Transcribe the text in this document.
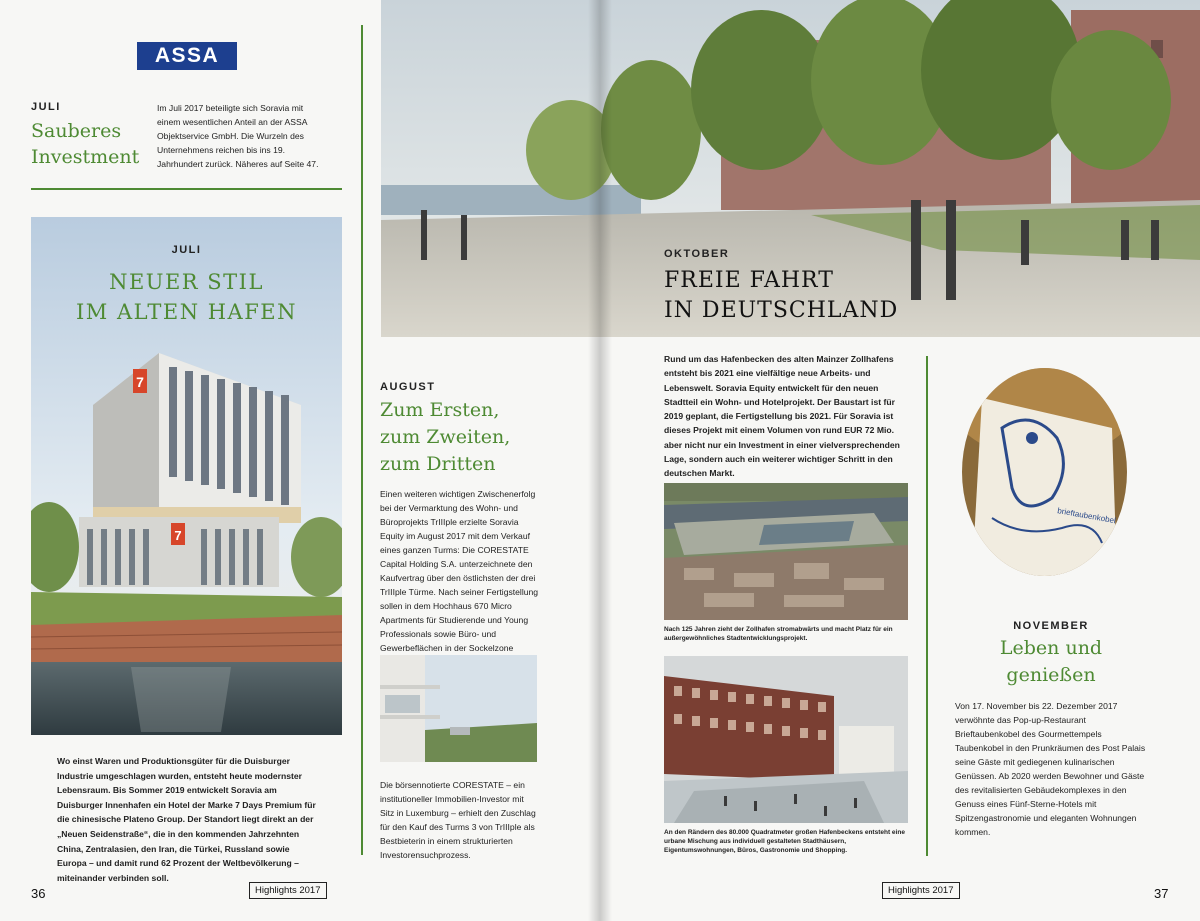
ASSA
JULI
Sauberes
Investment
Im Juli 2017 beteiligte sich Soravia mit einem wesentlichen Anteil an der ASSA Objektservice GmbH. Die Wurzeln des Unternehmens reichen bis ins 19. Jahrhundert zurück. Näheres auf Seite 47.
7
7
JULI
NEUER STIL
IM ALTEN HAFEN
Wo einst Waren und Produktionsgüter für die Duisburger Industrie umgeschlagen wurden, entsteht heute modernster Lebensraum. Bis Sommer 2019 entwickelt Soravia am Duisburger Innenhafen ein Hotel der Marke 7 Days Premium für die chinesische Plateno Group. Der Standort liegt direkt an der „Neuen Seidenstraße“, die in den kommenden Jahrzehnten China, Zentralasien, den Iran, die Türkei, Russland sowie Europa – und damit rund 62 Prozent der Weltbevölkerung – miteinander verbinden soll.
36	Highlights 2017
OKTOBER
FREIE FAHRT
IN DEUTSCHLAND
AUGUST
Zum Ersten,
zum Zweiten,
zum Dritten
Einen weiteren wichtigen Zwischenerfolg bei der Vermarktung des Wohn- und Büroprojekts TrIIIple erzielte Soravia Equity im August 2017 mit dem Verkauf eines ganzen Turms: Die CORESTATE Capital Holding S.A. unterzeichnete den Kaufvertrag über den östlichsten der drei TrIIIple Türme. Nach seiner Fertigstellung sollen in dem Hochhaus 670 Micro Apartments für Studierende und Young Professionals sowie Büro- und Gewerbeflächen in der Sockelzone
Die börsennotierte CORESTATE – ein institutioneller Immobilien-Investor mit Sitz in Luxemburg – erhielt den Zuschlag für den Kauf des Turms 3 von TrIIIple als Bestbieterin in einem strukturierten Investorensuchprozess.
Rund um das Hafenbecken des alten Mainzer Zollhafens entsteht bis 2021 eine vielfältige neue Arbeits- und Lebenswelt. Soravia Equity entwickelt für den neuen Stadtteil ein Wohn- und Hotelprojekt. Der Baustart ist für 2019 geplant, die Fertigstellung bis 2021. Für Soravia ist dieses Projekt mit einem Volumen von rund EUR 72 Mio. aber nicht nur ein Investment in einer vielversprechenden Lage, sondern auch ein weiterer wichtiger Schritt in den deutschen Markt.
Nach 125 Jahren zieht der Zollhafen stromabwärts und macht Platz für ein außergewöhnliches Stadtentwicklungsprojekt.
An den Rändern des 80.000 Quadratmeter großen Hafenbeckens entsteht eine urbane Mischung aus individuell gestalteten Stadthäusern, Eigentumswohnungen, Büros, Gastronomie und Shopping.
brieftaubenkobel
NOVEMBER
Leben und
genießen
Von 17. November bis 22. Dezember 2017 verwöhnte das Pop-up-Restaurant Brieftaubenkobel des Gourmettempels Taubenkobel in den Prunkräumen des Post Palais seine Gäste mit gediegenen kulinarischen Genüssen. Ab 2020 werden Bewohner und Gäste des revitalisierten Gebäudekomplexes in den Genuss eines Fünf-Sterne-Hotels mit Spitzengastronomie und eleganten Wohnungen kommen.
Highlights 2017	37
